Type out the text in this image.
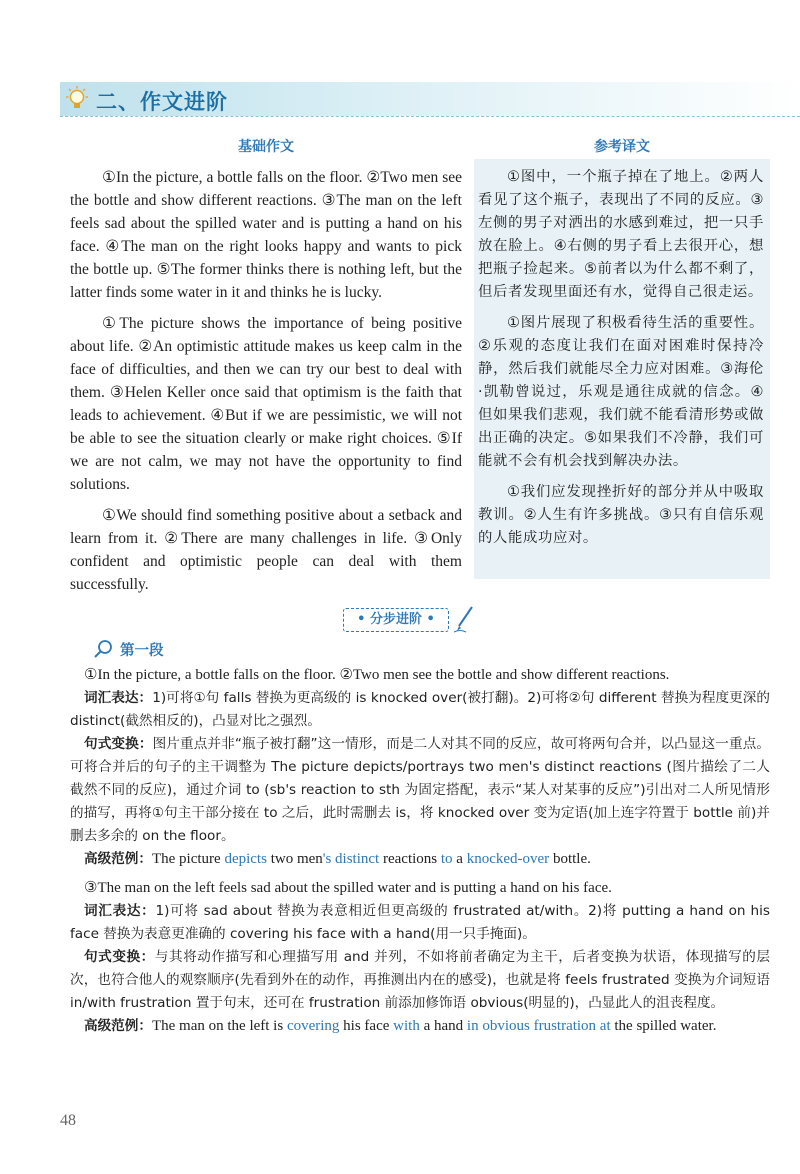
二、作文进阶
基础作文	参考译文

①In the picture, a bottle falls on the floor. ②Two men see the bottle and show different reactions. ③The man on the left feels sad about the spilled water and is putting a hand on his face. ④The man on the right looks happy and wants to pick the bottle up. ⑤The former thinks there is nothing left, but the latter finds some water in it and thinks he is lucky.

①The picture shows the importance of being positive about life. ②An optimistic attitude makes us keep calm in the face of difficulties, and then we can try our best to deal with them. ③Helen Keller once said that optimism is the faith that leads to achievement. ④But if we are pessimistic, we will not be able to see the situation clearly or make right choices. ⑤If we are not calm, we may not have the opportunity to find solutions.

①We should find something positive about a setback and learn from it. ②There are many challenges in life. ③Only confident and optimistic people can deal with them successfully.

①图中，一个瓶子掉在了地上。②两人看见了这个瓶子，表现出了不同的反应。③左侧的男子对洒出的水感到难过，把一只手放在脸上。④右侧的男子看上去很开心，想把瓶子捡起来。⑤前者以为什么都不剩了，但后者发现里面还有水，觉得自己很走运。

①图片展现了积极看待生活的重要性。②乐观的态度让我们在面对困难时保持冷静，然后我们就能尽全力应对困难。③海伦·凯勒曾说过，乐观是通往成就的信念。④但如果我们悲观，我们就不能看清形势或做出正确的决定。⑤如果我们不冷静，我们可能就不会有机会找到解决办法。

①我们应发现挫折好的部分并从中吸取教训。②人生有许多挑战。③只有自信乐观的人能成功应对。

• 分步进阶 •
第一段

①In the picture, a bottle falls on the floor. ②Two men see the bottle and show different reactions.

词汇表达：1)可将①句 falls 替换为更高级的 is knocked over(被打翻)。2)可将②句 different 替换为程度更深的 distinct(截然相反的)，凸显对比之强烈。

句式变换：图片重点并非“瓶子被打翻”这一情形，而是二人对其不同的反应，故可将两句合并，以凸显这一重点。可将合并后的句子的主干调整为 The picture depicts/portrays two men's distinct reactions (图片描绘了二人截然不同的反应)，通过介词 to (sb's reaction to sth 为固定搭配，表示“某人对某事的反应”)引出对二人所见情形的描写，再将①句主干部分接在 to 之后，此时需删去 is，将 knocked over 变为定语(加上连字符置于 bottle 前)并删去多余的 on the floor。

高级范例：The picture depicts two men's distinct reactions to a knocked-over bottle.

③The man on the left feels sad about the spilled water and is putting a hand on his face.

词汇表达：1)可将 sad about 替换为表意相近但更高级的 frustrated at/with。2)将 putting a hand on his face 替换为表意更准确的 covering his face with a hand(用一只手掩面)。

句式变换：与其将动作描写和心理描写用 and 并列，不如将前者确定为主干，后者变换为状语，体现描写的层次，也符合他人的观察顺序(先看到外在的动作，再推测出内在的感受)，也就是将 feels frustrated 变换为介词短语 in/with frustration 置于句末，还可在 frustration 前添加修饰语 obvious(明显的)，凸显此人的沮丧程度。

高级范例：The man on the left is covering his face with a hand in obvious frustration at the spilled water.

48
